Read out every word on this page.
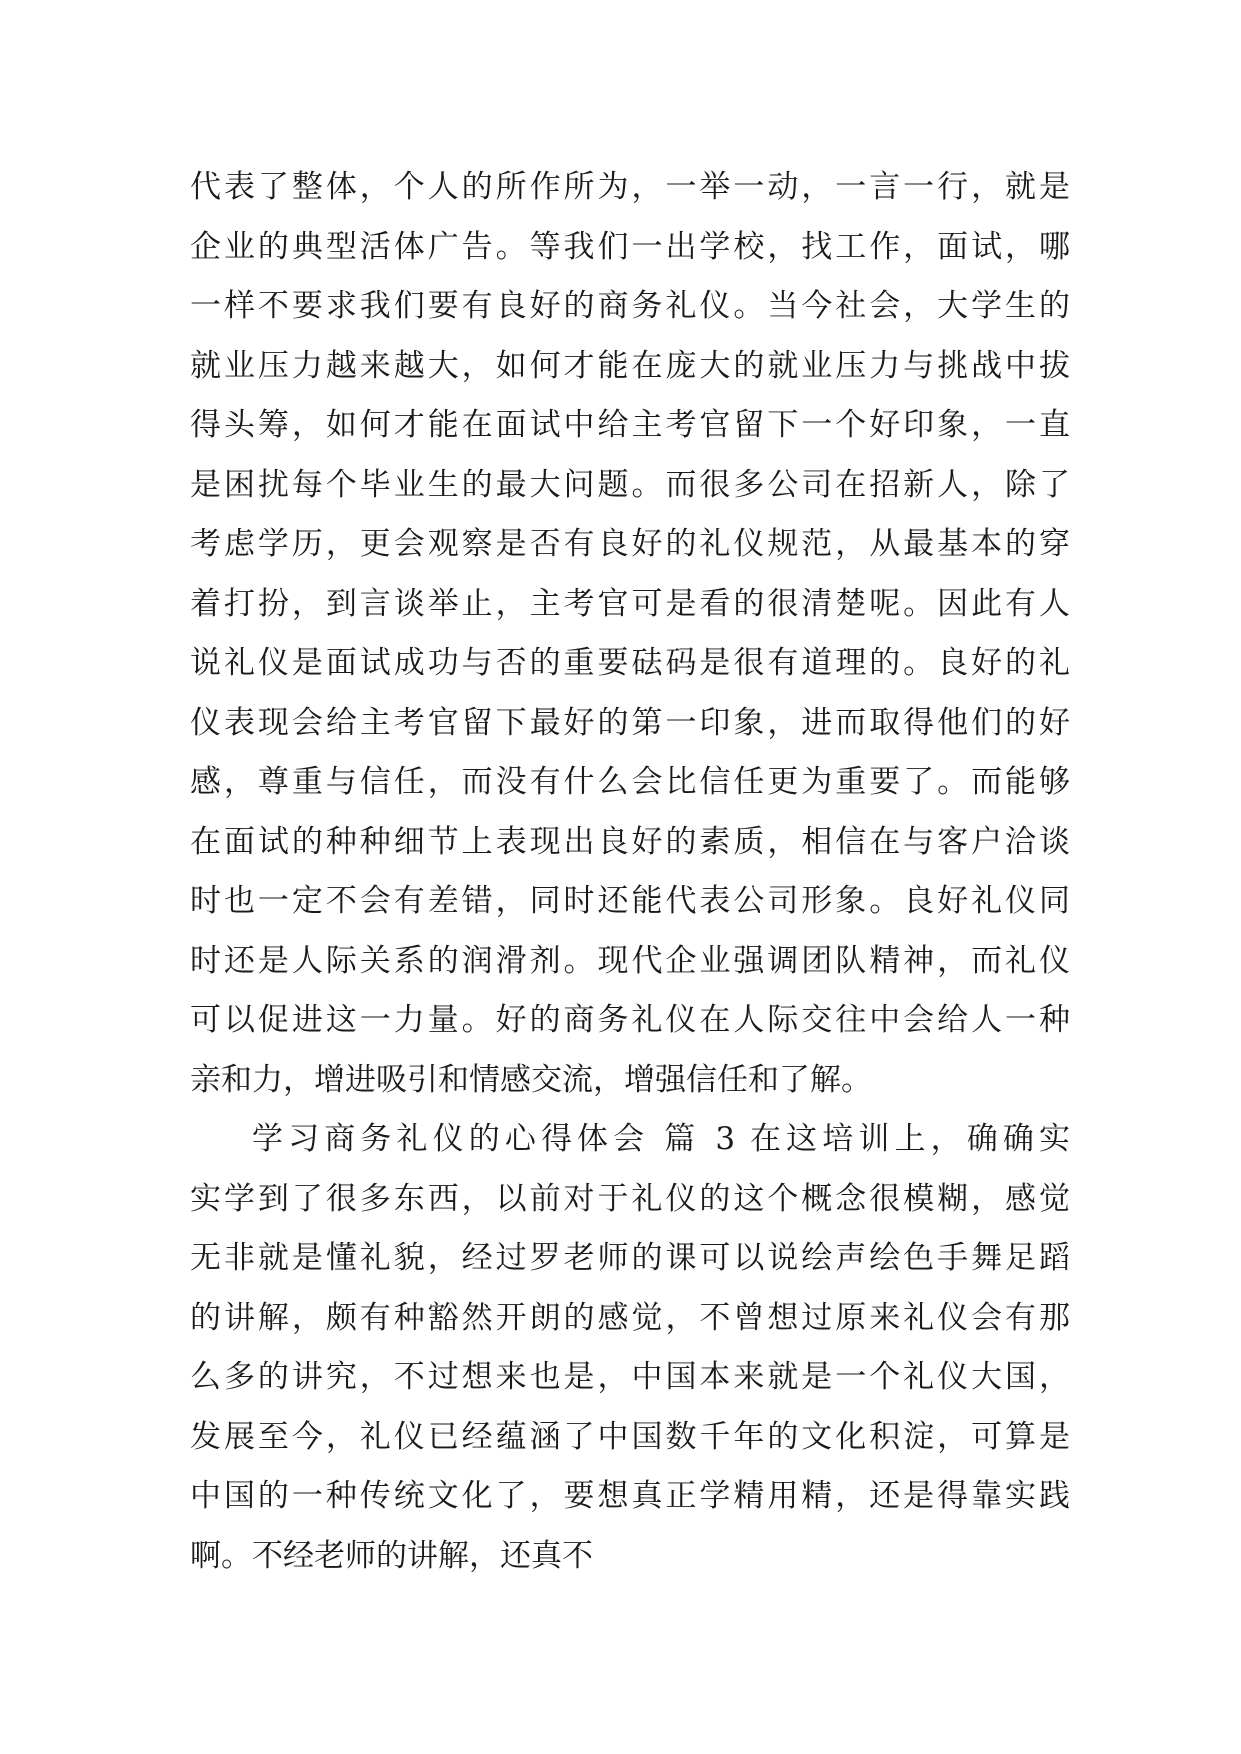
代表了整体，个人的所作所为，一举一动，一言一行，就是
企业的典型活体广告。等我们一出学校，找工作，面试，哪
一样不要求我们要有良好的商务礼仪。当今社会，大学生的
就业压力越来越大，如何才能在庞大的就业压力与挑战中拔
得头筹，如何才能在面试中给主考官留下一个好印象，一直
是困扰每个毕业生的最大问题。而很多公司在招新人，除了
考虑学历，更会观察是否有良好的礼仪规范，从最基本的穿
着打扮，到言谈举止，主考官可是看的很清楚呢。因此有人
说礼仪是面试成功与否的重要砝码是很有道理的。良好的礼
仪表现会给主考官留下最好的第一印象，进而取得他们的好
感，尊重与信任，而没有什么会比信任更为重要了。而能够
在面试的种种细节上表现出良好的素质，相信在与客户洽谈
时也一定不会有差错，同时还能代表公司形象。良好礼仪同
时还是人际关系的润滑剂。现代企业强调团队精神，而礼仪
可以促进这一力量。好的商务礼仪在人际交往中会给人一种
亲和力，增进吸引和情感交流，增强信任和了解。
学习商务礼仪的心得体会 篇 3 在这培训上，确确实
实学到了很多东西，以前对于礼仪的这个概念很模糊，感觉
无非就是懂礼貌，经过罗老师的课可以说绘声绘色手舞足蹈
的讲解，颇有种豁然开朗的感觉，不曾想过原来礼仪会有那
么多的讲究，不过想来也是，中国本来就是一个礼仪大国，
发展至今，礼仪已经蕴涵了中国数千年的文化积淀，可算是
中国的一种传统文化了，要想真正学精用精，还是得靠实践
啊。不经老师的讲解，还真不
